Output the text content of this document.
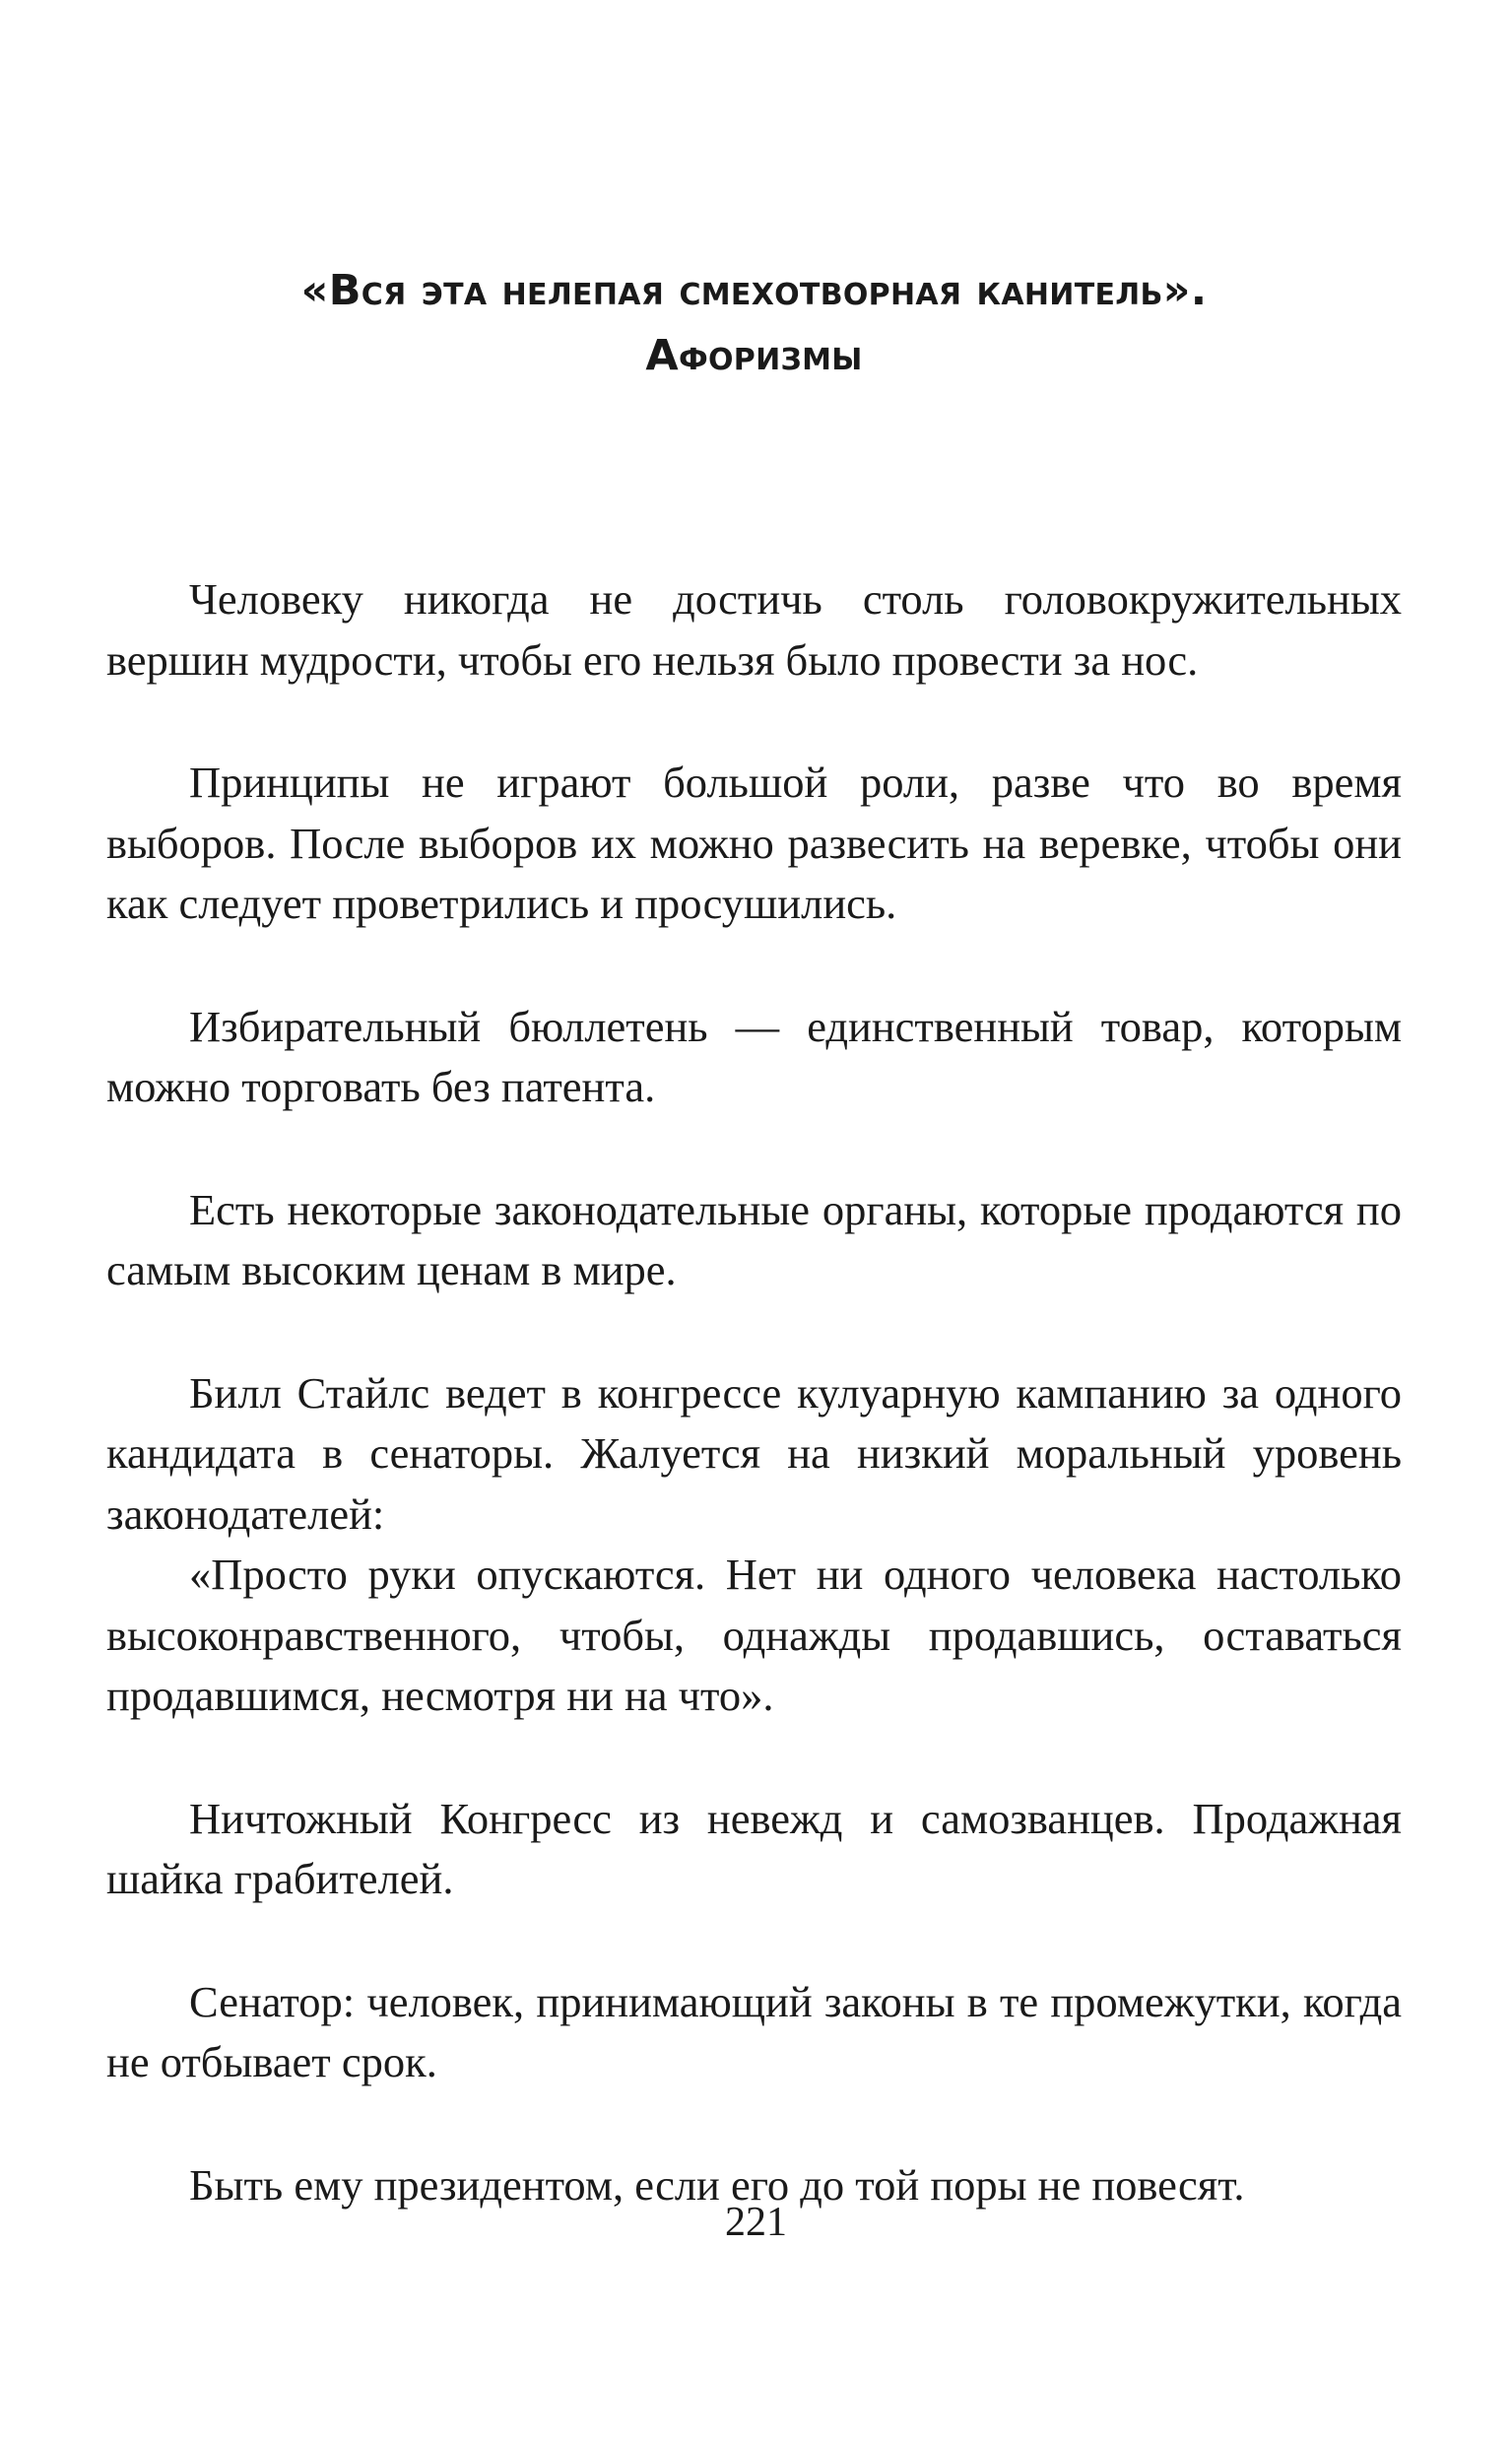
«Вся эта нелепая смехотворная канитель».
Афоризмы

Человеку никогда не достичь столь головокружительных вершин мудрости, чтобы его нельзя было провести за нос.

Принципы не играют большой роли, разве что во время выборов. После выборов их можно развесить на веревке, чтобы они как следует проветрились и просушились.

Избирательный бюллетень — единственный товар, которым можно торговать без патента.

Есть некоторые законодательные органы, которые продаются по самым высоким ценам в мире.

Билл Стайлс ведет в конгрессе кулуарную кампанию за одного кандидата в сенаторы. Жалуется на низкий моральный уровень законодателей:

«Просто руки опускаются. Нет ни одного человека настолько высоконравственного, чтобы, однажды продавшись, оставаться продавшимся, несмотря ни на что».

Ничтожный Конгресс из невежд и самозванцев. Продажная шайка грабителей.

Сенатор: человек, принимающий законы в те промежутки, когда не отбывает срок.

Быть ему президентом, если его до той поры не повесят.

221
